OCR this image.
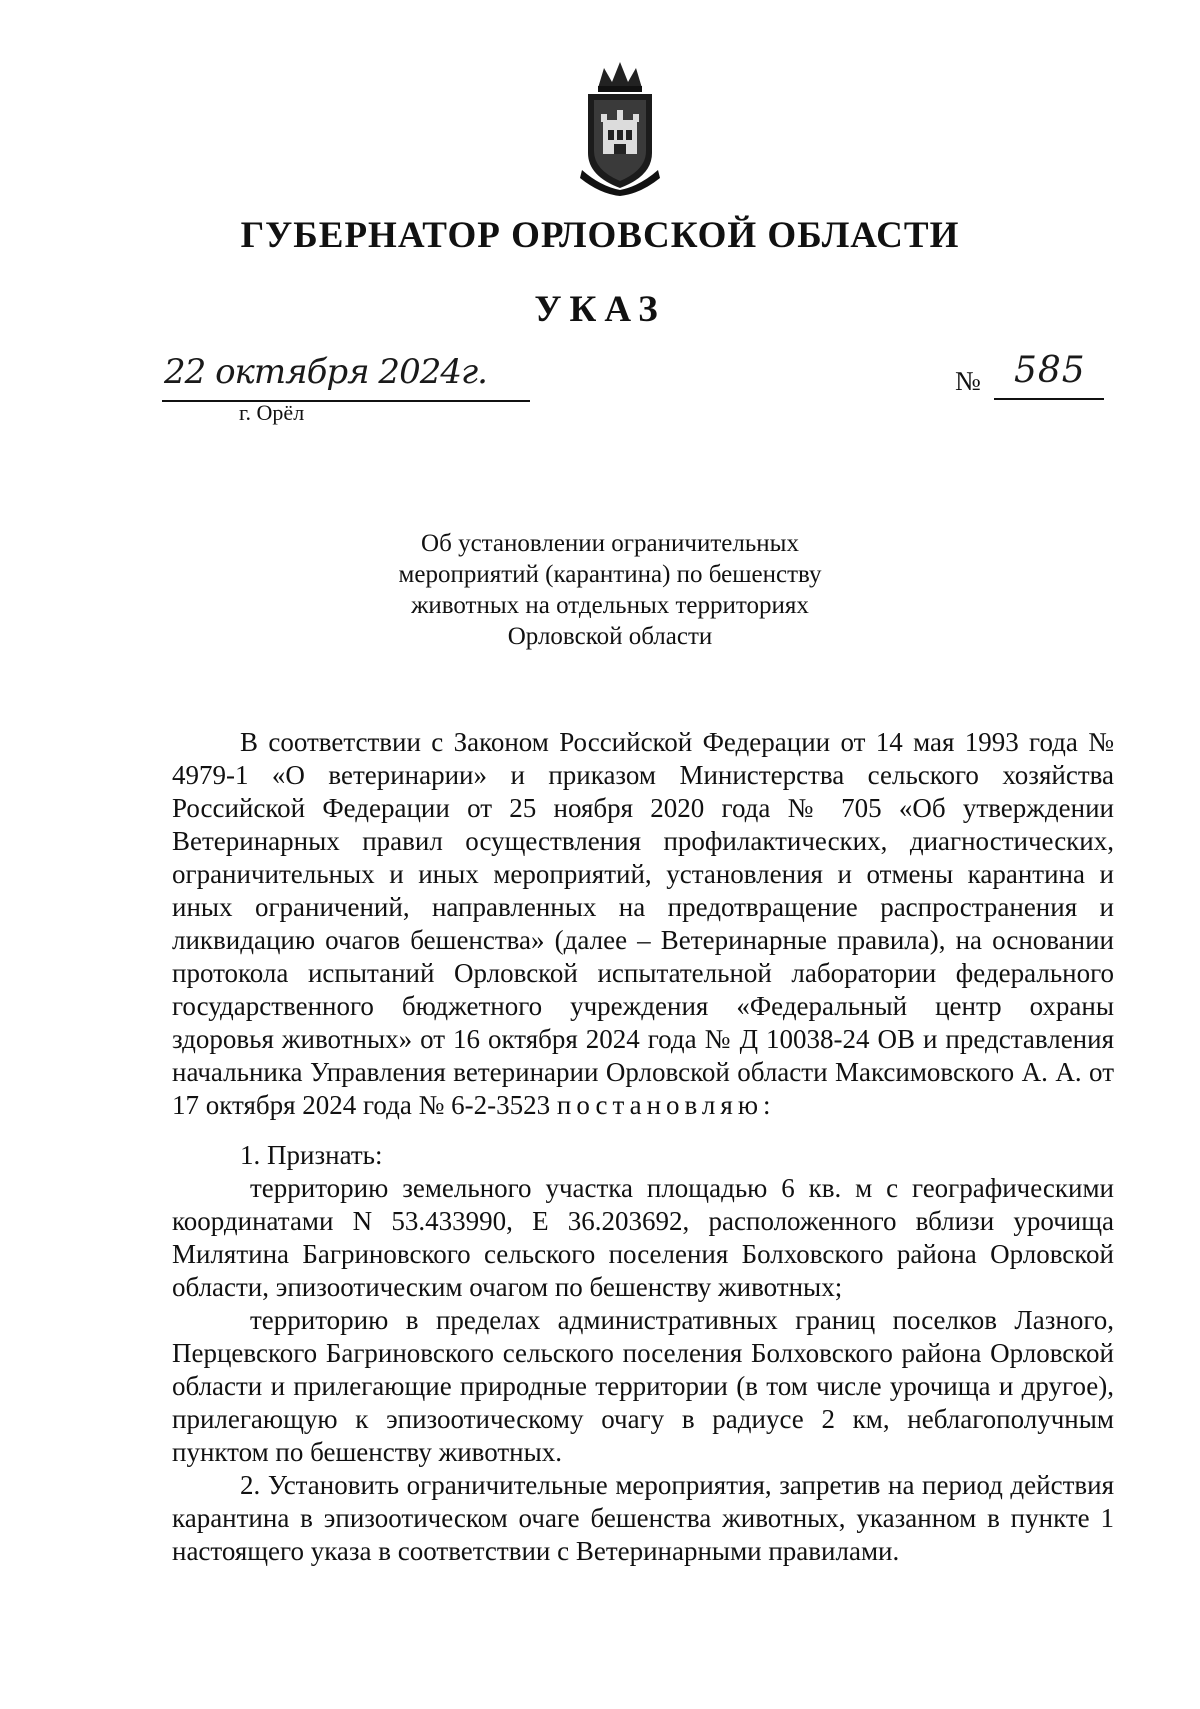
ГУБЕРНАТОР ОРЛОВСКОЙ ОБЛАСТИ
УКАЗ
22 октября 2024г.
г. Орёл
№ 585
Об установлении ограничительных
мероприятий (карантина) по бешенству
животных на отдельных территориях
Орловской области

В соответствии с Законом Российской Федерации от 14 мая 1993 года № 4979-1 «О ветеринарии» и приказом Министерства сельского хозяйства Российской Федерации от 25 ноября 2020 года № 705 «Об утверждении Ветеринарных правил осуществления профилактических, диагностических, ограничительных и иных мероприятий, установления и отмены карантина и иных ограничений, направленных на предотвращение распространения и ликвидацию очагов бешенства» (далее – Ветеринарные правила), на основании протокола испытаний Орловской испытательной лаборатории федерального государственного бюджетного учреждения «Федеральный центр охраны здоровья животных» от 16 октября 2024 года № Д 10038-24 ОВ и представления начальника Управления ветеринарии Орловской области Максимовского А. А. от 17 октября 2024 года № 6-2-3523 постановляю:

1. Признать:

территорию земельного участка площадью 6 кв. м с географическими координатами N 53.433990, E 36.203692, расположенного вблизи урочища Милятина Багриновского сельского поселения Болховского района Орловской области, эпизоотическим очагом по бешенству животных;

территорию в пределах административных границ поселков Лазного, Перцевского Багриновского сельского поселения Болховского района Орловской области и прилегающие природные территории (в том числе урочища и другое), прилегающую к эпизоотическому очагу в радиусе 2 км, неблагополучным пунктом по бешенству животных.

2. Установить ограничительные мероприятия, запретив на период действия карантина в эпизоотическом очаге бешенства животных, указанном в пункте 1 настоящего указа в соответствии с Ветеринарными правилами.
